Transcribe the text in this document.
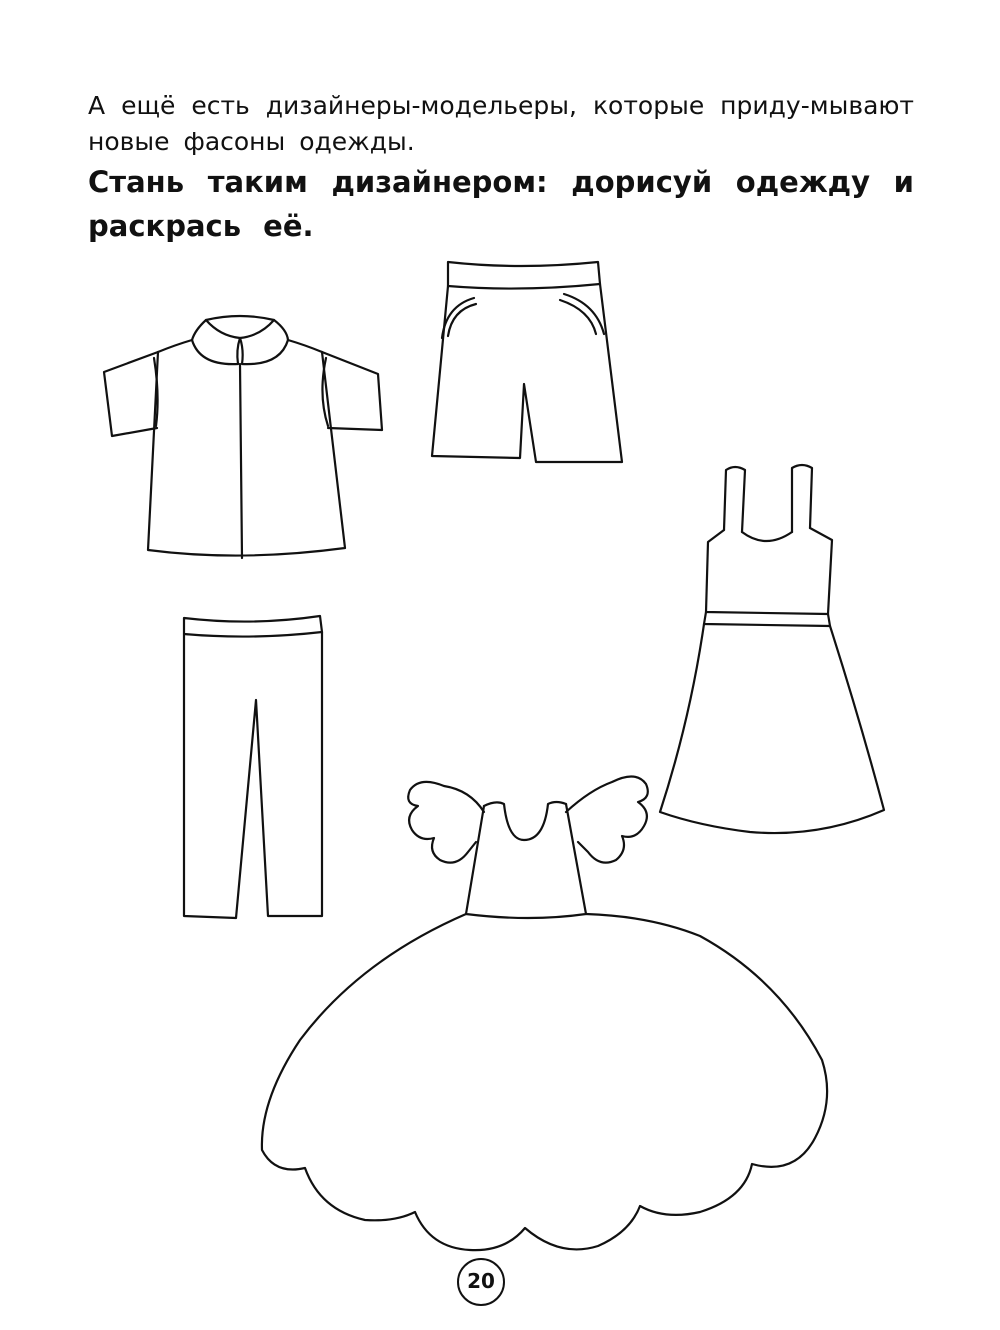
А ещё есть дизайнеры-модельеры, которые приду-мывают новые фасоны одежды.

Стань таким дизайнером: дорисуй одежду и раскрась её.

20
